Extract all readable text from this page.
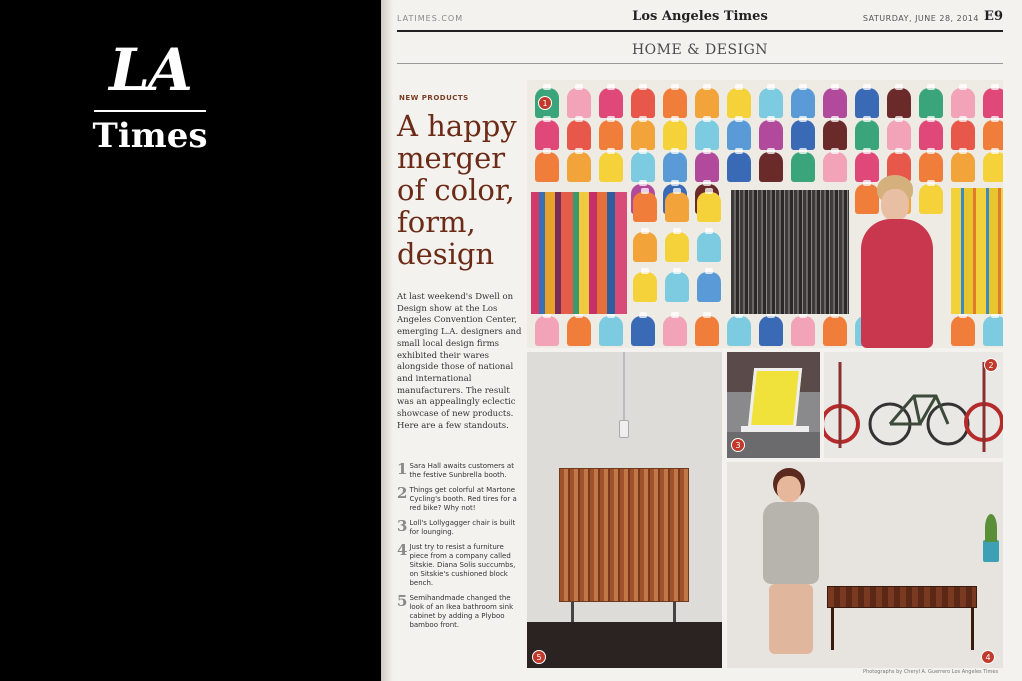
LA
Times
LATIMES.COM	Los Angeles Times	SATURDAY, JUNE 28, 2014 E9
HOME & DESIGN
NEW PRODUCTS
A happy merger of color, form, design
At last weekend's Dwell on Design show at the Los Angeles Convention Center, emerging L.A. designers and small local design firms exhibited their wares alongside those of national and international manufacturers. The result was an appealingly eclectic showcase of new products. Here are a few standouts.
1 Sara Hall awaits customers at the festive Sunbrella booth.
2 Things get colorful at Martone Cycling's booth. Red tires for a red bike? Why not!
3 Loll's Lollygagger chair is built for lounging.
4 Just try to resist a furniture piece from a company called Sitskie. Diana Solis succumbs, on Sitskie's cushioned block bench.
5 Semihandmade changed the look of an Ikea bathroom sink cabinet by adding a Plyboo bamboo front.
1
5
3
2
4
Photographs by Cheryl A. Guerrero Los Angeles Times
